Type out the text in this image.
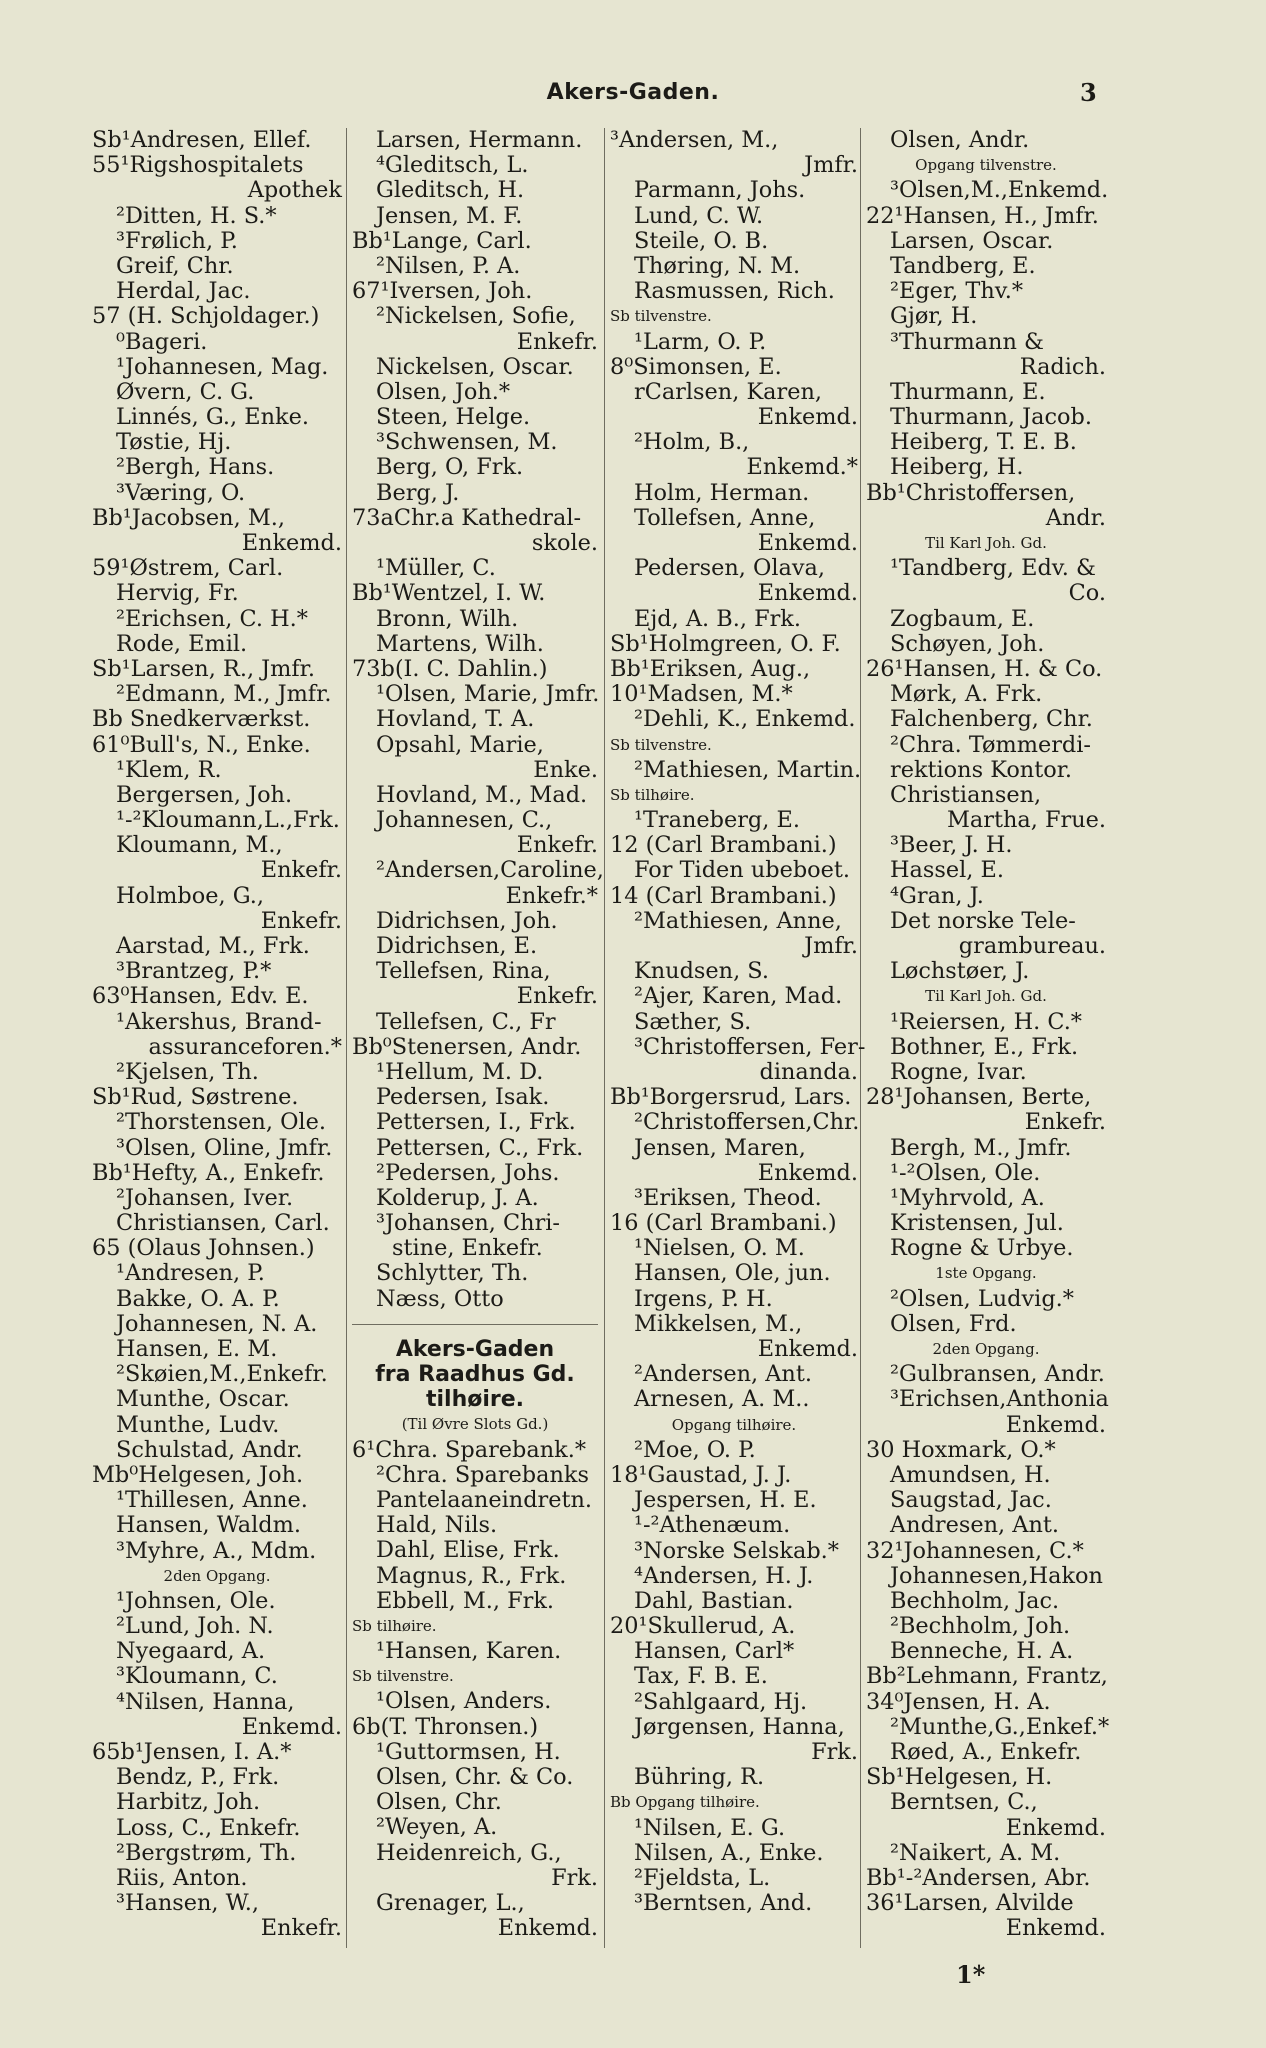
Akers-Gaden.	3
Sb¹Andresen, Ellef.
55¹Rigshospitalets
Apothek
²Ditten, H. S.*
³Frølich, P.
Greif, Chr.
Herdal, Jac.
57 (H. Schjoldager.)
⁰Bageri.
¹Johannesen, Mag.
Øvern, C. G.
Linnés, G., Enke.
Tøstie, Hj.
²Bergh, Hans.
³Væring, O.
Bb¹Jacobsen, M.,
Enkemd.
59¹Østrem, Carl.
Hervig, Fr.
²Erichsen, C. H.*
Rode, Emil.
Sb¹Larsen, R., Jmfr.
²Edmann, M., Jmfr.
Bb Snedkerværkst.
61⁰Bull's, N., Enke.
¹Klem, R.
Bergersen, Joh.
¹-²Kloumann,L.,Frk.
Kloumann, M.,
Enkefr.
Holmboe, G.,
Enkefr.
Aarstad, M., Frk.
³Brantzeg, P.*
63⁰Hansen, Edv. E.
¹Akershus, Brand-
assuranceforen.*
²Kjelsen, Th.
Sb¹Rud, Søstrene.
²Thorstensen, Ole.
³Olsen, Oline, Jmfr.
Bb¹Hefty, A., Enkefr.
²Johansen, Iver.
Christiansen, Carl.
65 (Olaus Johnsen.)
¹Andresen, P.
Bakke, O. A. P.
Johannesen, N. A.
Hansen, E. M.
²Skøien,M.,Enkefr.
Munthe, Oscar.
Munthe, Ludv.
Schulstad, Andr.
Mb⁰Helgesen, Joh.
¹Thillesen, Anne.
Hansen, Waldm.
³Myhre, A., Mdm.
2den Opgang.
¹Johnsen, Ole.
²Lund, Joh. N.
Nyegaard, A.
³Kloumann, C.
⁴Nilsen, Hanna,
Enkemd.
65b¹Jensen, I. A.*
Bendz, P., Frk.
Harbitz, Joh.
Loss, C., Enkefr.
²Bergstrøm, Th.
Riis, Anton.
³Hansen, W.,
Enkefr.
Larsen, Hermann.
⁴Gleditsch, L.
Gleditsch, H.
Jensen, M. F.
Bb¹Lange, Carl.
²Nilsen, P. A.
67¹Iversen, Joh.
²Nickelsen, Sofie,
Enkefr.
Nickelsen, Oscar.
Olsen, Joh.*
Steen, Helge.
³Schwensen, M.
Berg, O, Frk.
Berg, J.
73aChr.a Kathedral-
skole.
¹Müller, C.
Bb¹Wentzel, I. W.
Bronn, Wilh.
Martens, Wilh.
73b(I. C. Dahlin.)
¹Olsen, Marie, Jmfr.
Hovland, T. A.
Opsahl, Marie,
Enke.
Hovland, M., Mad.
Johannesen, C.,
Enkefr.
²Andersen,Caroline,
Enkefr.*
Didrichsen, Joh.
Didrichsen, E.
Tellefsen, Rina,
Enkefr.
Tellefsen, C., Fr
Bb⁰Stenersen, Andr.
¹Hellum, M. D.
Pedersen, Isak.
Pettersen, I., Frk.
Pettersen, C., Frk.
²Pedersen, Johs.
Kolderup, J. A.
³Johansen, Chri-
stine, Enkefr.
Schlytter, Th.
Næss, Otto
Akers-Gaden
fra Raadhus Gd.
tilhøire.
(Til Øvre Slots Gd.)
6¹Chra. Sparebank.*
²Chra. Sparebanks
Pantelaaneindretn.
Hald, Nils.
Dahl, Elise, Frk.
Magnus, R., Frk.
Ebbell, M., Frk.
Sb tilhøire.
¹Hansen, Karen.
Sb tilvenstre.
¹Olsen, Anders.
6b(T. Thronsen.)
¹Guttormsen, H.
Olsen, Chr. & Co.
Olsen, Chr.
²Weyen, A.
Heidenreich, G.,
Frk.
Grenager, L.,
Enkemd.
³Andersen, M.,
Jmfr.
Parmann, Johs.
Lund, C. W.
Steile, O. B.
Thøring, N. M.
Rasmussen, Rich.
Sb tilvenstre.
¹Larm, O. P.
8⁰Simonsen, E.
rCarlsen, Karen,
Enkemd.
²Holm, B.,
Enkemd.*
Holm, Herman.
Tollefsen, Anne,
Enkemd.
Pedersen, Olava,
Enkemd.
Ejd, A. B., Frk.
Sb¹Holmgreen, O. F.
Bb¹Eriksen, Aug.,
10¹Madsen, M.*
²Dehli, K., Enkemd.
Sb tilvenstre.
²Mathiesen, Martin.
Sb tilhøire.
¹Traneberg, E.
12 (Carl Brambani.)
For Tiden ubeboet.
14 (Carl Brambani.)
²Mathiesen, Anne,
Jmfr.
Knudsen, S.
²Ajer, Karen, Mad.
Sæther, S.
³Christoffersen, Fer-
dinanda.
Bb¹Borgersrud, Lars.
²Christoffersen,Chr.
Jensen, Maren,
Enkemd.
³Eriksen, Theod.
16 (Carl Brambani.)
¹Nielsen, O. M.
Hansen, Ole, jun.
Irgens, P. H.
Mikkelsen, M.,
Enkemd.
²Andersen, Ant.
Arnesen, A. M..
Opgang tilhøire.
²Moe, O. P.
18¹Gaustad, J. J.
Jespersen, H. E.
¹-²Athenæum.
³Norske Selskab.*
⁴Andersen, H. J.
Dahl, Bastian.
20¹Skullerud, A.
Hansen, Carl*
Tax, F. B. E.
²Sahlgaard, Hj.
Jørgensen, Hanna,
Frk.
Bühring, R.
Bb Opgang tilhøire.
¹Nilsen, E. G.
Nilsen, A., Enke.
²Fjeldsta, L.
³Berntsen, And.
Olsen, Andr.
Opgang tilvenstre.
³Olsen,M.,Enkemd.
22¹Hansen, H., Jmfr.
Larsen, Oscar.
Tandberg, E.
²Eger, Thv.*
Gjør, H.
³Thurmann &
Radich.
Thurmann, E.
Thurmann, Jacob.
Heiberg, T. E. B.
Heiberg, H.
Bb¹Christoffersen,
Andr.
Til Karl Joh. Gd.
¹Tandberg, Edv. &
Co.
Zogbaum, E.
Schøyen, Joh.
26¹Hansen, H. & Co.
Mørk, A. Frk.
Falchenberg, Chr.
²Chra. Tømmerdi-
rektions Kontor.
Christiansen,
Martha, Frue.
³Beer, J. H.
Hassel, E.
⁴Gran, J.
Det norske Tele-
grambureau.
Løchstøer, J.
Til Karl Joh. Gd.
¹Reiersen, H. C.*
Bothner, E., Frk.
Rogne, Ivar.
28¹Johansen, Berte,
Enkefr.
Bergh, M., Jmfr.
¹-²Olsen, Ole.
¹Myhrvold, A.
Kristensen, Jul.
Rogne & Urbye.
1ste Opgang.
²Olsen, Ludvig.*
Olsen, Frd.
2den Opgang.
²Gulbransen, Andr.
³Erichsen,Anthonia
Enkemd.
30 Hoxmark, O.*
Amundsen, H.
Saugstad, Jac.
Andresen, Ant.
32¹Johannesen, C.*
Johannesen,Hakon
Bechholm, Jac.
²Bechholm, Joh.
Benneche, H. A.
Bb²Lehmann, Frantz,
34⁰Jensen, H. A.
²Munthe,G.,Enkef.*
Røed, A., Enkefr.
Sb¹Helgesen, H.
Berntsen, C.,
Enkemd.
²Naikert, A. M.
Bb¹-²Andersen, Abr.
36¹Larsen, Alvilde
Enkemd.
1*
